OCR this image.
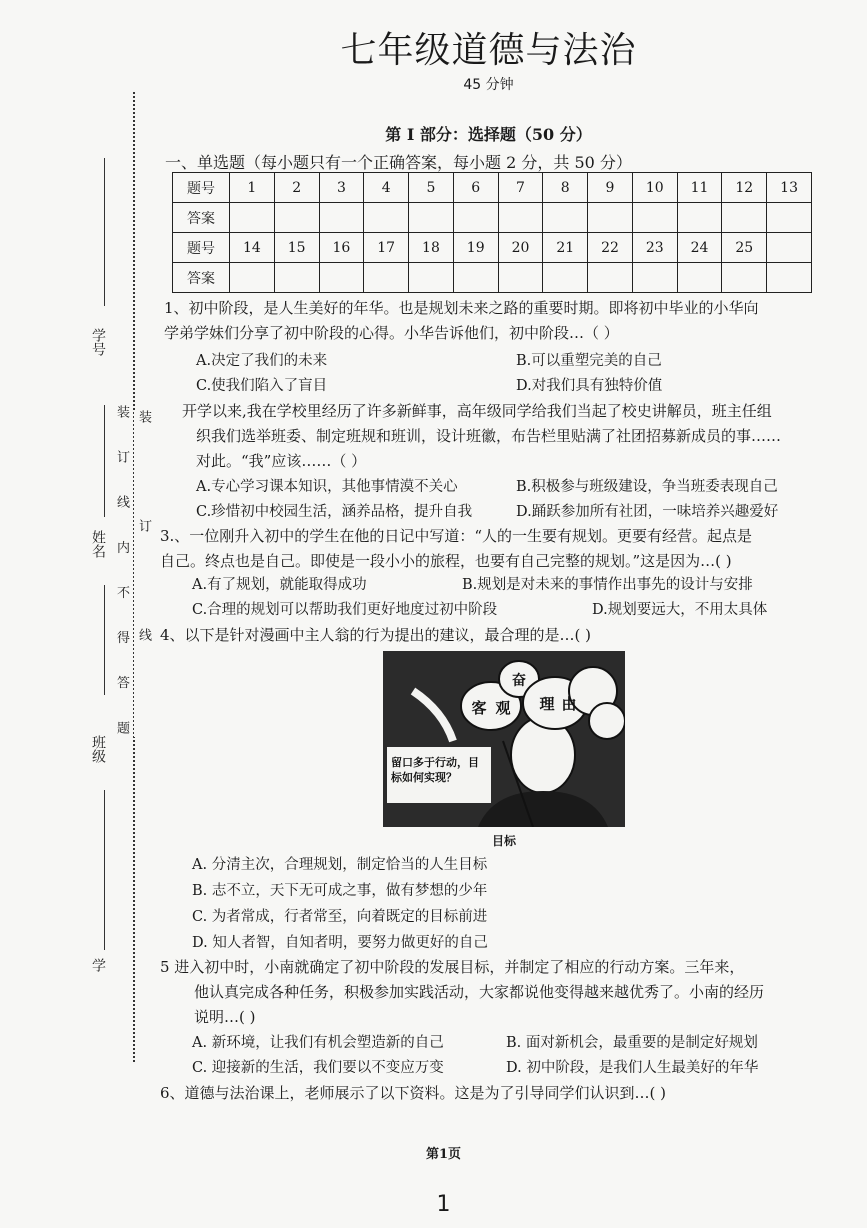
七年级道德与法治
45 分钟
第 I 部分：选择题（50 分）
一、单选题（每小题只有一个正确答案，每小题 2 分，共 50 分）
题号	1	2	3	4	5	6	7	8	9	10	11	12	13
答案													
题号	14	15	16	17	18	19	20	21	22	23	24	25	
答案													
学号
姓名
班级
学
装 订 线 内 不 得 答 题 装订线
1、初中阶段，是人生美好的年华。也是规划未来之路的重要时期。即将初中毕业的小华向
学弟学妹们分享了初中阶段的心得。小华告诉他们，初中阶段…（ ）
A.决定了我们的未来	B.可以重塑完美的自己
C.使我们陷入了盲目	D.对我们具有独特价值
开学以来,我在学校里经历了许多新鲜事，高年级同学给我们当起了校史讲解员，班主任组
织我们选举班委、制定班规和班训，设计班徽，布告栏里贴满了社团招募新成员的事……
对此。“我”应该……（ ）
A.专心学习课本知识，其他事情漠不关心	B.积极参与班级建设，争当班委表现自己
C.珍惜初中校园生活，涵养品格，提升自我	D.踊跃参加所有社团，一味培养兴趣爱好
3.、一位刚升入初中的学生在他的日记中写道：“人的一生要有规划。更要有经营。起点是
自己。终点也是自己。即使是一段小小的旅程，也要有自己完整的规划。”这是因为…( )
A.有了规划，就能取得成功	B.规划是对未来的事情作出事先的设计与安排
C.合理的规划可以帮助我们更好地度过初中阶段	D.规划要远大，不用太具体
4、以下是针对漫画中主人翁的行为提出的建议，最合理的是…( )
奋
客 观 理 由
留口多于行动，目标如何实现？
目标
A. 分清主次，合理规划，制定恰当的人生目标
B. 志不立，天下无可成之事，做有梦想的少年
C. 为者常成，行者常至，向着既定的目标前进
D. 知人者智，自知者明，要努力做更好的自己
5 进入初中时，小南就确定了初中阶段的发展目标，并制定了相应的行动方案。三年来，
他认真完成各种任务，积极参加实践活动，大家都说他变得越来越优秀了。小南的经历
说明…( )
A. 新环境，让我们有机会塑造新的自己	B. 面对新机会，最重要的是制定好规划
C. 迎接新的生活，我们要以不变应万变	D. 初中阶段，是我们人生最美好的年华
6、道德与法治课上，老师展示了以下资料。这是为了引导同学们认识到…( )
第1页
1
